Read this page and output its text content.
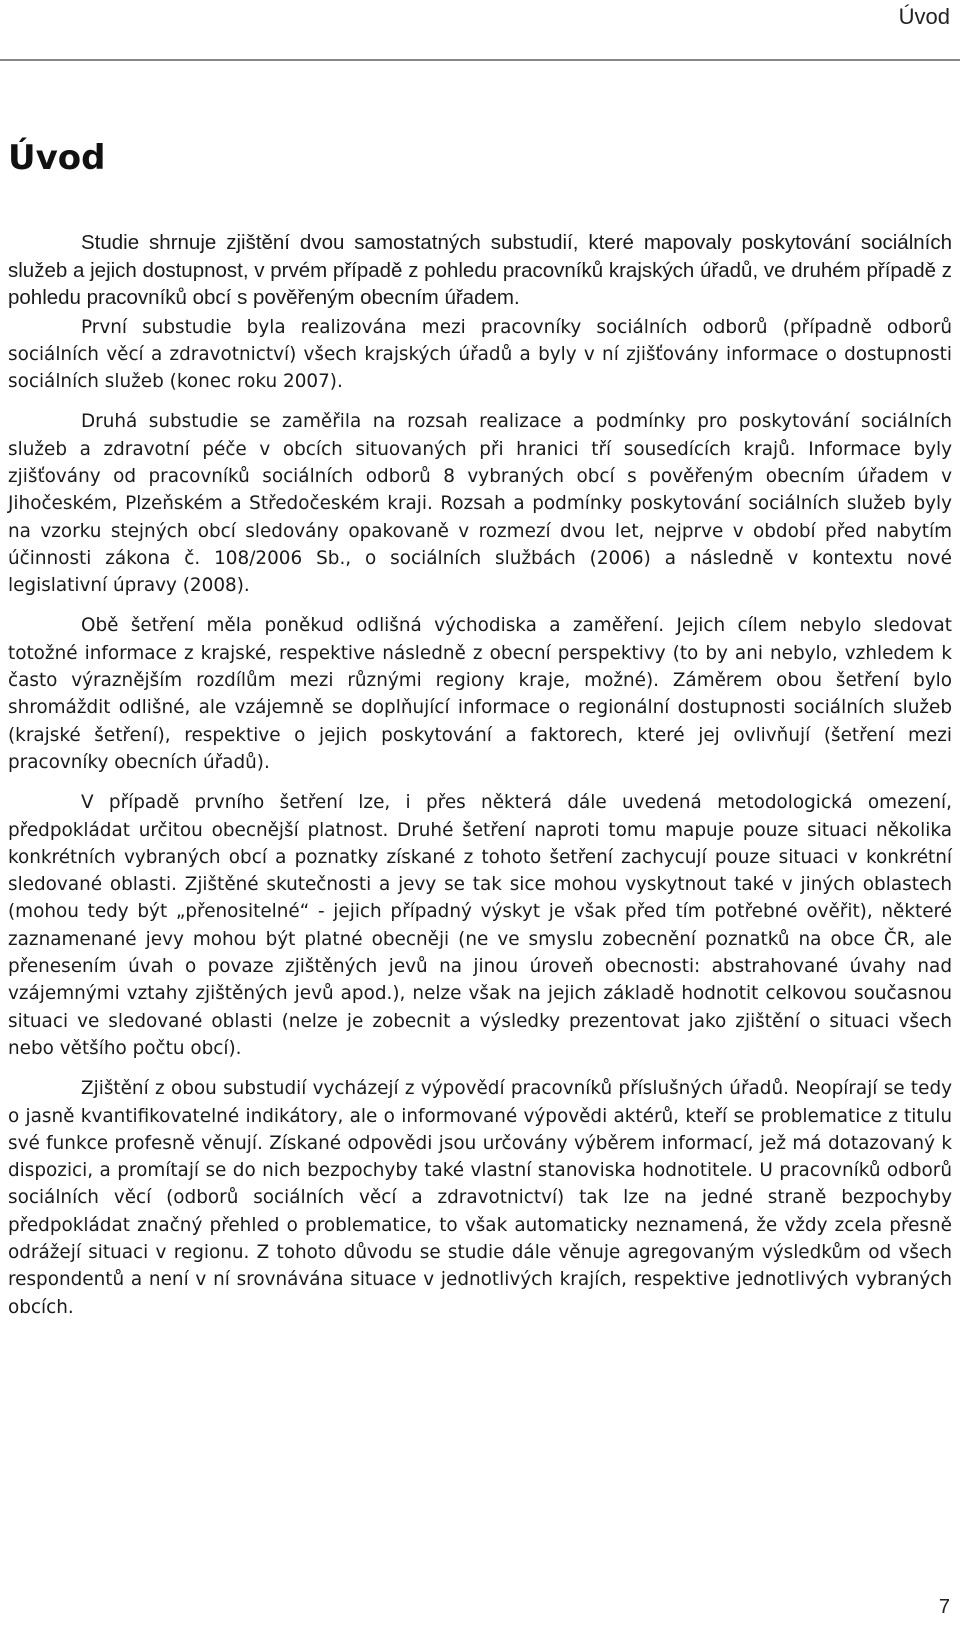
Úvod
Úvod

Studie shrnuje zjištění dvou samostatných substudií, které mapovaly poskytování sociálních služeb a jejich dostupnost, v prvém případě z pohledu pracovníků krajských úřadů, ve druhém případě z pohledu pracovníků obcí s pověřeným obecním úřadem.

První substudie byla realizována mezi pracovníky sociálních odborů (případně odborů sociálních věcí a zdravotnictví) všech krajských úřadů a byly v ní zjišťovány informace o dostupnosti sociálních služeb (konec roku 2007).

Druhá substudie se zaměřila na rozsah realizace a podmínky pro poskytování sociálních služeb a zdravotní péče v obcích situovaných při hranici tří sousedících krajů. Informace byly zjišťovány od pracovníků sociálních odborů 8 vybraných obcí s pověřeným obecním úřadem v Jihočeském, Plzeňském a Středočeském kraji. Rozsah a podmínky poskytování sociálních služeb byly na vzorku stejných obcí sledovány opakovaně v rozmezí dvou let, nejprve v období před nabytím účinnosti zákona č. 108/2006 Sb., o sociálních službách (2006) a následně v kontextu nové legislativní úpravy (2008).

Obě šetření měla poněkud odlišná východiska a zaměření. Jejich cílem nebylo sledovat totožné informace z krajské, respektive následně z obecní perspektivy (to by ani nebylo, vzhledem k často výraznějším rozdílům mezi různými regiony kraje, možné). Záměrem obou šetření bylo shromáždit odlišné, ale vzájemně se doplňující informace o regionální dostupnosti sociálních služeb (krajské šetření), respektive o jejich poskytování a faktorech, které jej ovlivňují (šetření mezi pracovníky obecních úřadů).

V případě prvního šetření lze, i přes některá dále uvedená metodologická omezení, předpokládat určitou obecnější platnost. Druhé šetření naproti tomu mapuje pouze situaci několika konkrétních vybraných obcí a poznatky získané z tohoto šetření zachycují pouze situaci v konkrétní sledované oblasti. Zjištěné skutečnosti a jevy se tak sice mohou vyskytnout také v jiných oblastech (mohou tedy být „přenositelné“ - jejich případný výskyt je však před tím potřebné ověřit), některé zaznamenané jevy mohou být platné obecněji (ne ve smyslu zobecnění poznatků na obce ČR, ale přenesením úvah o povaze zjištěných jevů na jinou úroveň obecnosti: abstrahované úvahy nad vzájemnými vztahy zjištěných jevů apod.), nelze však na jejich základě hodnotit celkovou současnou situaci ve sledované oblasti (nelze je zobecnit a výsledky prezentovat jako zjištění o situaci všech nebo většího počtu obcí).

Zjištění z obou substudií vycházejí z výpovědí pracovníků příslušných úřadů. Neopírají se tedy o jasně kvantifikovatelné indikátory, ale o informované výpovědi aktérů, kteří se problematice z titulu své funkce profesně věnují. Získané odpovědi jsou určovány výběrem informací, jež má dotazovaný k dispozici, a promítají se do nich bezpochyby také vlastní stanoviska hodnotitele. U pracovníků odborů sociálních věcí (odborů sociálních věcí a zdravotnictví) tak lze na jedné straně bezpochyby předpokládat značný přehled o problematice, to však automaticky neznamená, že vždy zcela přesně odrážejí situaci v regionu. Z tohoto důvodu se studie dále věnuje agregovaným výsledkům od všech respondentů a není v ní srovnávána situace v jednotlivých krajích, respektive jednotlivých vybraných obcích.

7
